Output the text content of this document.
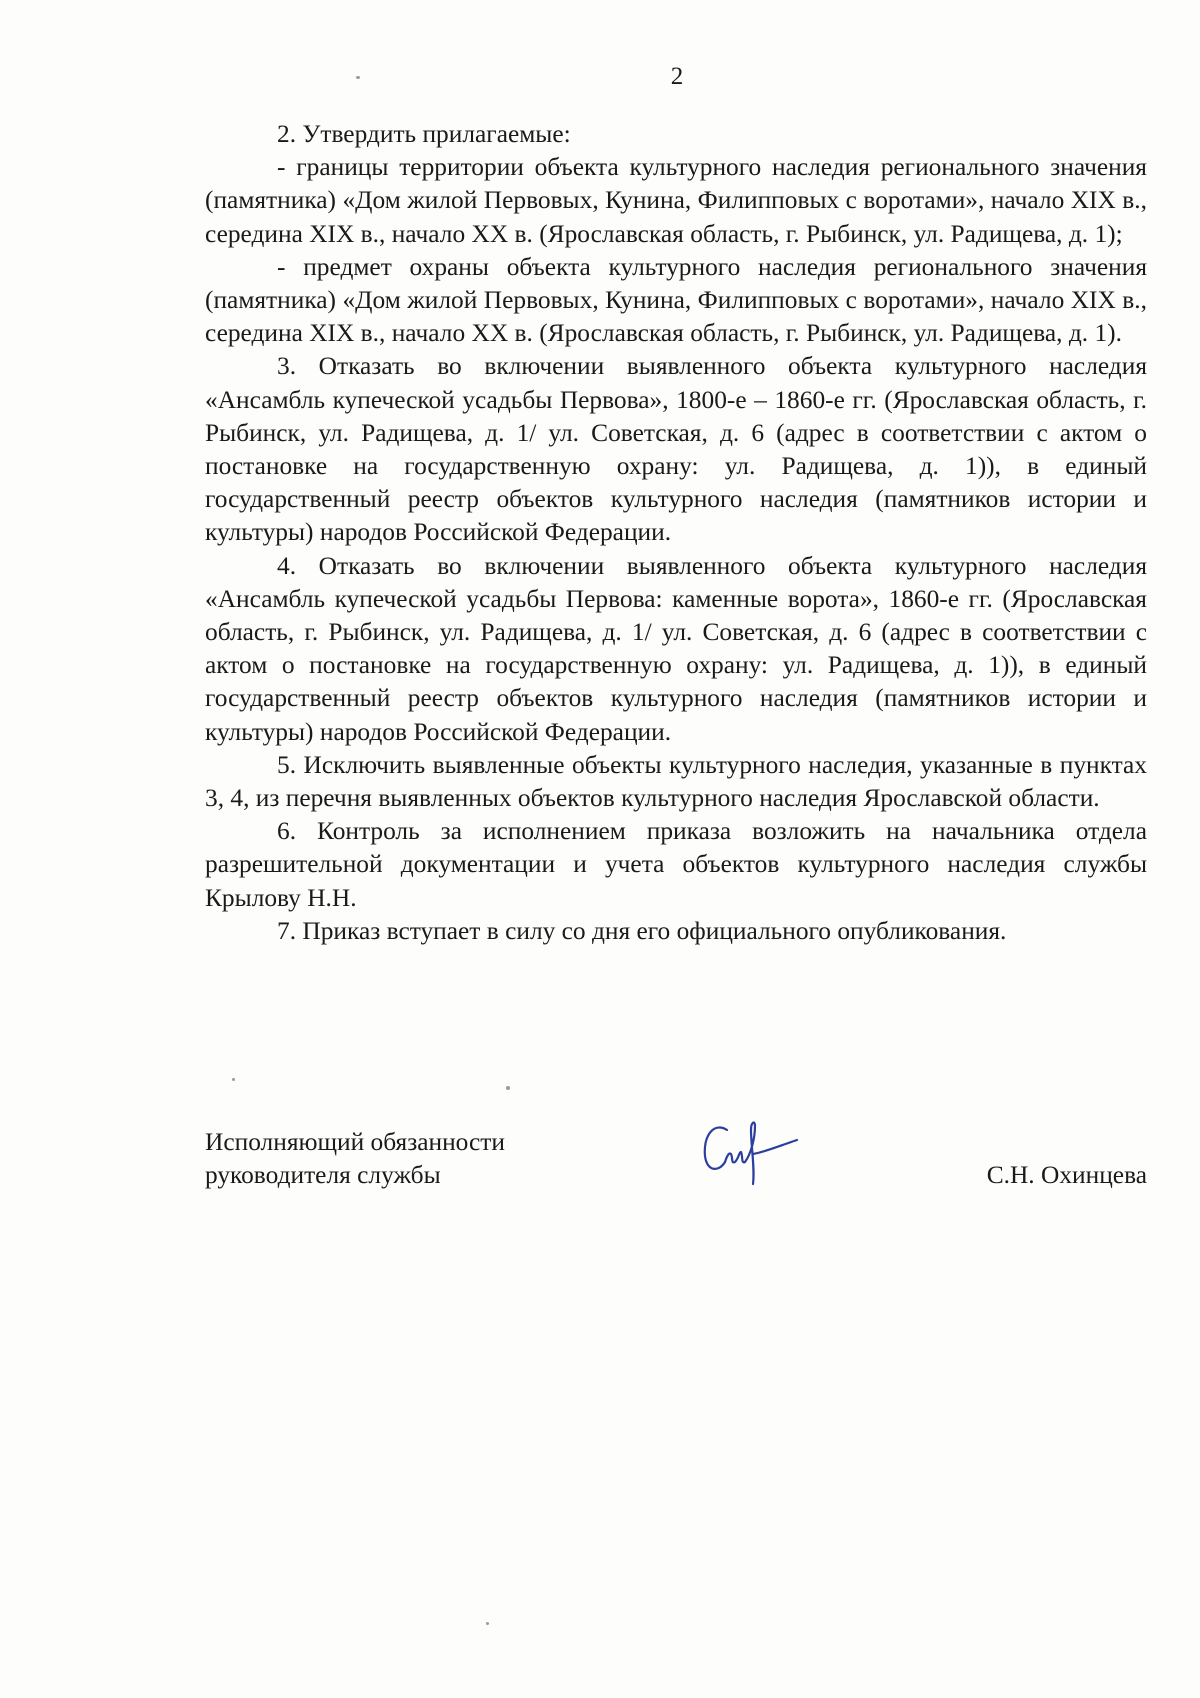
2

2. Утвердить прилагаемые:

- границы территории объекта культурного наследия регионального значения (памятника) «Дом жилой Первовых, Кунина, Филипповых с воротами», начало XIX в., середина XIX в., начало XX в. (Ярославская область, г. Рыбинск, ул. Радищева, д. 1);

- предмет охраны объекта культурного наследия регионального значения (памятника) «Дом жилой Первовых, Кунина, Филипповых с воротами», начало XIX в., середина XIX в., начало XX в. (Ярославская область, г. Рыбинск, ул. Радищева, д. 1).

3. Отказать во включении выявленного объекта культурного наследия «Ансамбль купеческой усадьбы Первова», 1800-е – 1860-е гг. (Ярославская область, г. Рыбинск, ул. Радищева, д. 1/ ул. Советская, д. 6 (адрес в соответствии с актом о постановке на государственную охрану: ул. Радищева, д. 1)), в единый государственный реестр объектов культурного наследия (памятников истории и культуры) народов Российской Федерации.

4. Отказать во включении выявленного объекта культурного наследия «Ансамбль купеческой усадьбы Первова: каменные ворота», 1860-е гг. (Ярославская область, г. Рыбинск, ул. Радищева, д. 1/ ул. Советская, д. 6 (адрес в соответствии с актом о постановке на государственную охрану: ул. Радищева, д. 1)), в единый государственный реестр объектов культурного наследия (памятников истории и культуры) народов Российской Федерации.

5. Исключить выявленные объекты культурного наследия, указанные в пунктах 3, 4, из перечня выявленных объектов культурного наследия Ярославской области.

6. Контроль за исполнением приказа возложить на начальника отдела разрешительной документации и учета объектов культурного наследия службы Крылову Н.Н.

7. Приказ вступает в силу со дня его официального опубликования.

Исполняющий обязанности
руководителя службы	С.Н. Охинцева
